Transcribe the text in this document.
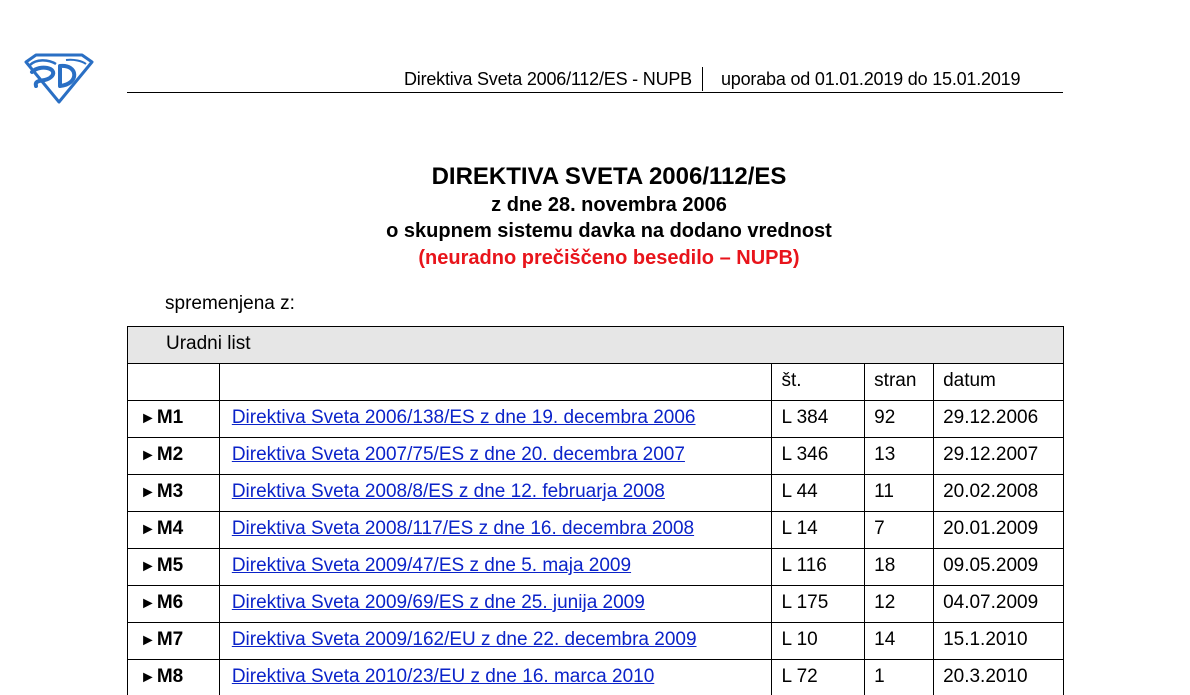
Direktiva Sveta 2006/112/ES - NUPB uporaba od 01.01.2019 do 15.01.2019
DIREKTIVA SVETA 2006/112/ES
z dne 28. novembra 2006
o skupnem sistemu davka na dodano vrednost
(neuradno prečiščeno besedilo – NUPB)
spremenjena z:
Uradni list				
		št.	stran	datum
►M1	Direktiva Sveta 2006/138/ES z dne 19. decembra 2006	L 384	92	29.12.2006
►M2	Direktiva Sveta 2007/75/ES z dne 20. decembra 2007	L 346	13	29.12.2007
►M3	Direktiva Sveta 2008/8/ES z dne 12. februarja 2008	L 44	11	20.02.2008
►M4	Direktiva Sveta 2008/117/ES z dne 16. decembra 2008	L 14	7	20.01.2009
►M5	Direktiva Sveta 2009/47/ES z dne 5. maja 2009	L 116	18	09.05.2009
►M6	Direktiva Sveta 2009/69/ES z dne 25. junija 2009	L 175	12	04.07.2009
►M7	Direktiva Sveta 2009/162/EU z dne 22. decembra 2009	L 10	14	15.1.2010
►M8	Direktiva Sveta 2010/23/EU z dne 16. marca 2010	L 72	1	20.3.2010
